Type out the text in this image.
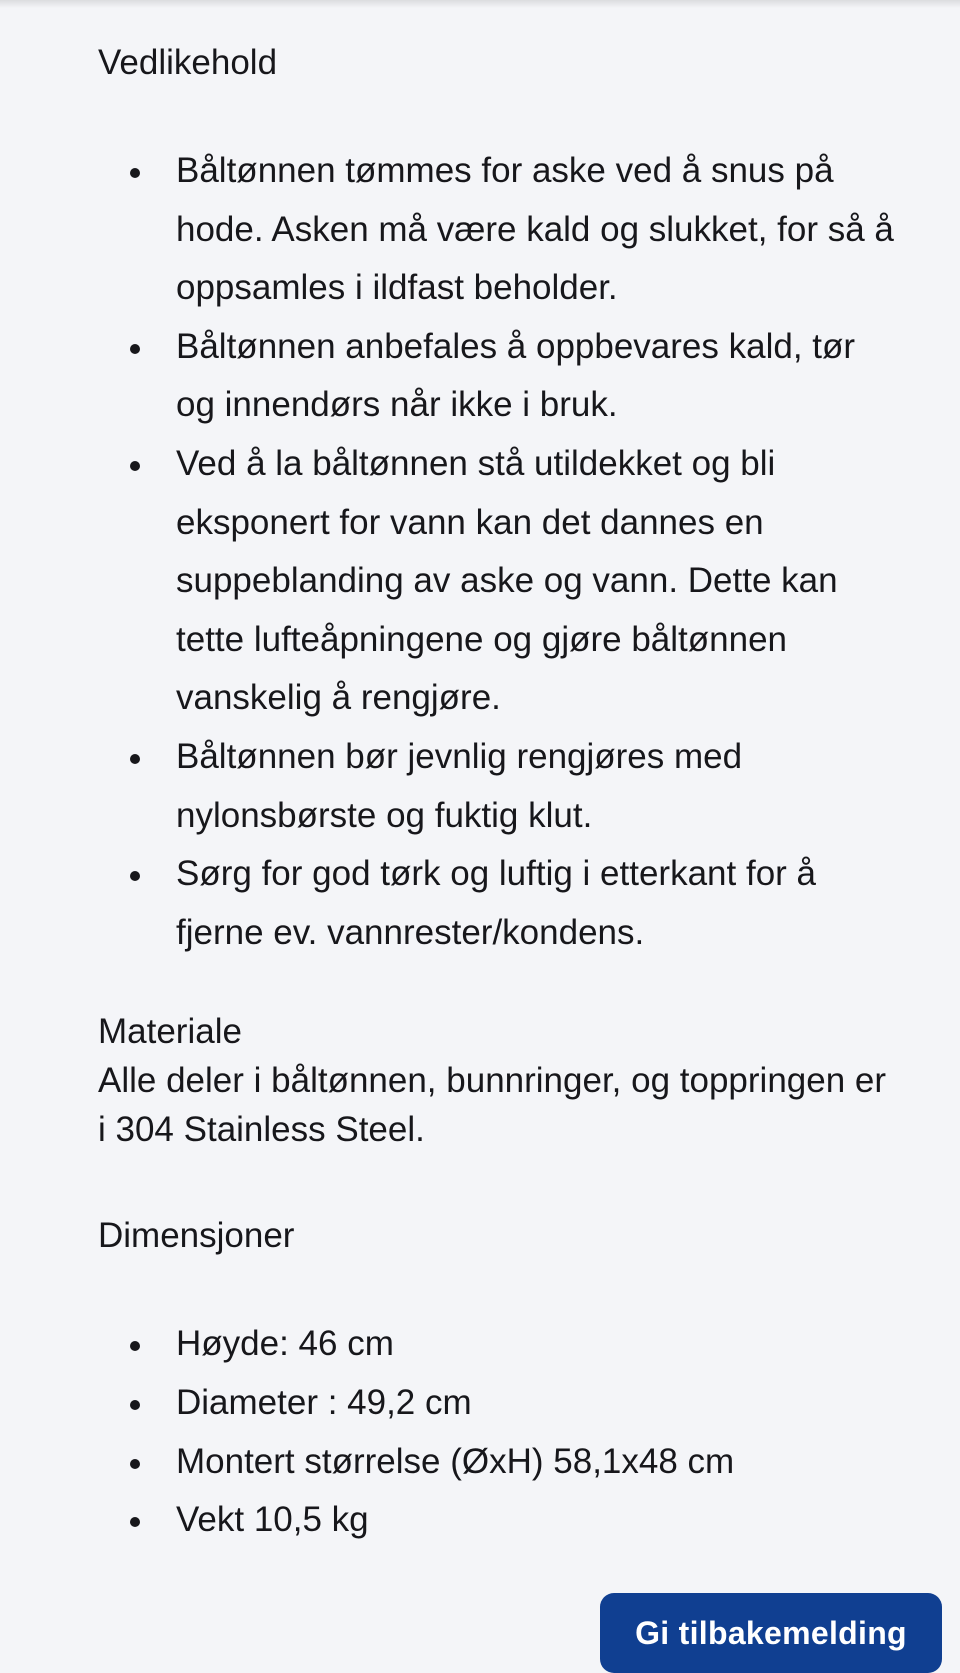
Vedlikehold
Båltønnen tømmes for aske ved å snus på hode. Asken må være kald og slukket, for så å oppsamles i ildfast beholder.
Båltønnen anbefales å oppbevares kald, tør og innendørs når ikke i bruk.
Ved å la båltønnen stå utildekket og bli eksponert for vann kan det dannes en suppeblanding av aske og vann. Dette kan tette lufteåpningene og gjøre båltønnen vanskelig å rengjøre.
Båltønnen bør jevnlig rengjøres med nylonsbørste og fuktig klut.
Sørg for god tørk og luftig i etterkant for å fjerne ev. vannrester/kondens.

Materiale

Alle deler i båltønnen, bunnringer, og toppringen er i 304 Stainless Steel.

Dimensjoner
Høyde: 46 cm
Diameter : 49,2 cm
Montert størrelse (ØxH) 58,1x48 cm
Vekt 10,5 kg
Gi tilbakemelding
